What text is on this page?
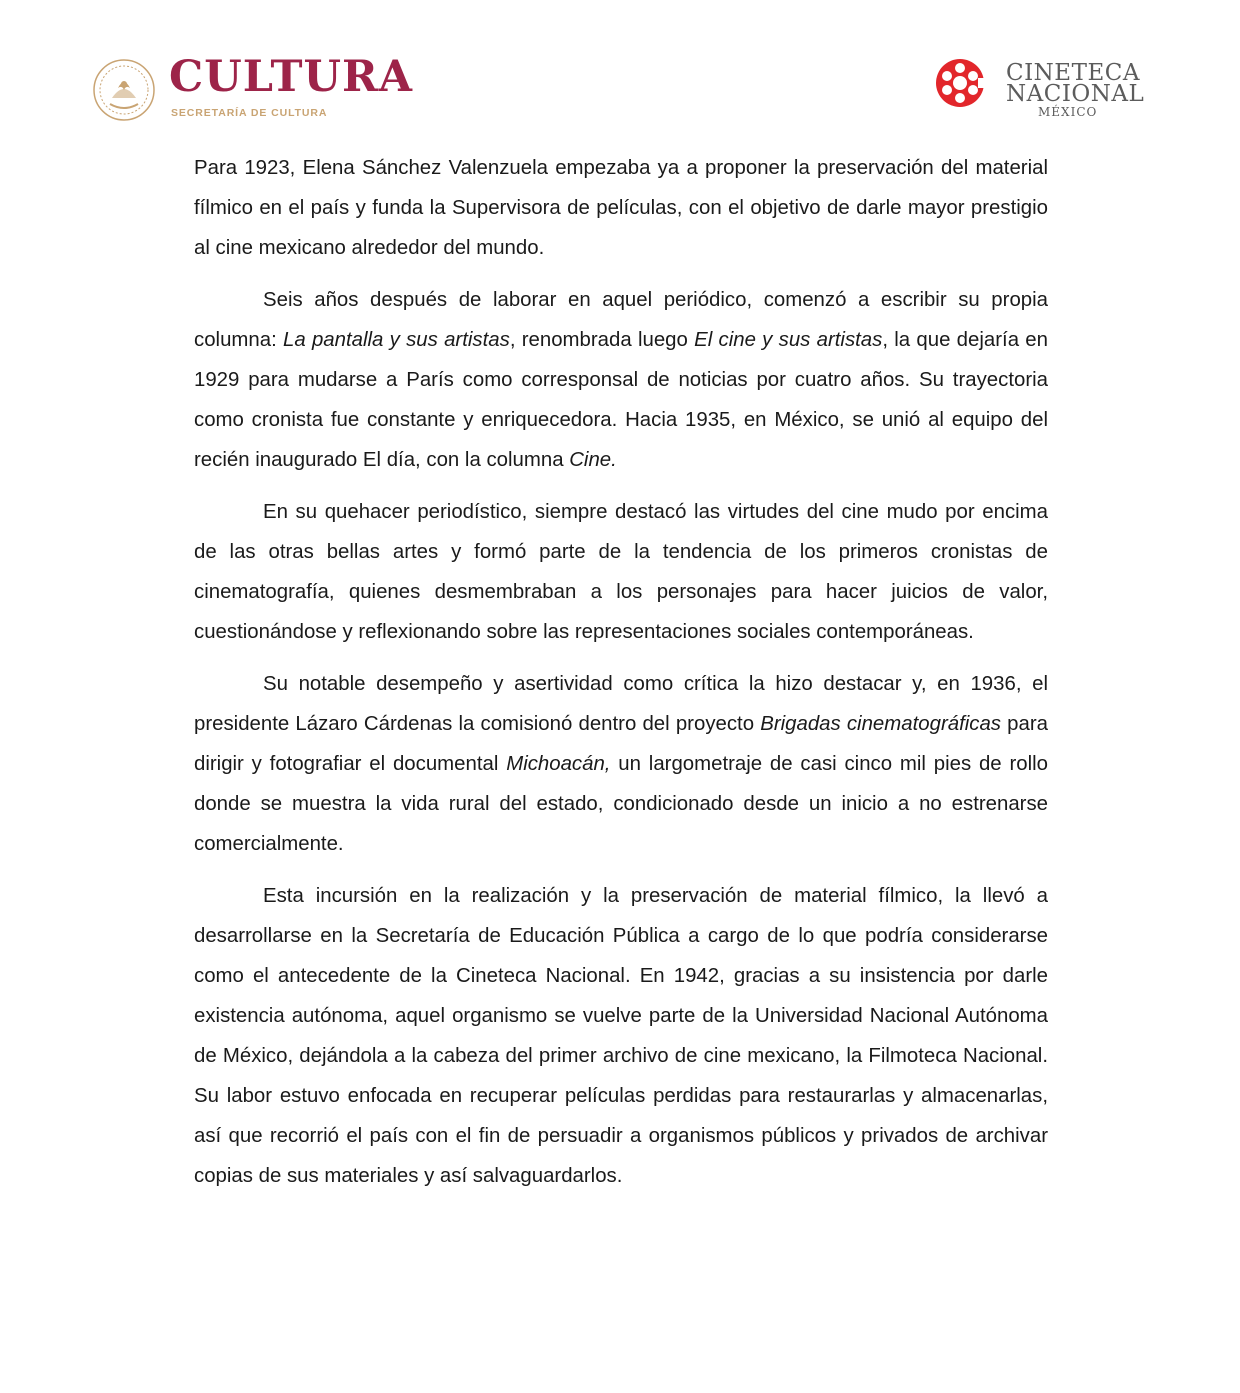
CULTURA
SECRETARÍA DE CULTURA
CINETECA
NACIONAL
MÉXICO

Para 1923, Elena Sánchez Valenzuela empezaba ya a proponer la preservación del material fílmico en el país y funda la Supervisora de películas, con el objetivo de darle mayor prestigio al cine mexicano alrededor del mundo.

Seis años después de laborar en aquel periódico, comenzó a escribir su propia columna: La pantalla y sus artistas, renombrada luego El cine y sus artistas, la que dejaría en 1929 para mudarse a París como corresponsal de noticias por cuatro años. Su trayectoria como cronista fue constante y enriquecedora. Hacia 1935, en México, se unió al equipo del recién inaugurado El día, con la columna Cine.

En su quehacer periodístico, siempre destacó las virtudes del cine mudo por encima de las otras bellas artes y formó parte de la tendencia de los primeros cronistas de cinematografía, quienes desmembraban a los personajes para hacer juicios de valor, cuestionándose y reflexionando sobre las representaciones sociales contemporáneas.

Su notable desempeño y asertividad como crítica la hizo destacar y, en 1936, el presidente Lázaro Cárdenas la comisionó dentro del proyecto Brigadas cinematográficas para dirigir y fotografiar el documental Michoacán, un largometraje de casi cinco mil pies de rollo donde se muestra la vida rural del estado, condicionado desde un inicio a no estrenarse comercialmente.

Esta incursión en la realización y la preservación de material fílmico, la llevó a desarrollarse en la Secretaría de Educación Pública a cargo de lo que podría considerarse como el antecedente de la Cineteca Nacional. En 1942, gracias a su insistencia por darle existencia autónoma, aquel organismo se vuelve parte de la Universidad Nacional Autónoma de México, dejándola a la cabeza del primer archivo de cine mexicano, la Filmoteca Nacional. Su labor estuvo enfocada en recuperar películas perdidas para restaurarlas y almacenarlas, así que recorrió el país con el fin de persuadir a organismos públicos y privados de archivar copias de sus materiales y así salvaguardarlos.
